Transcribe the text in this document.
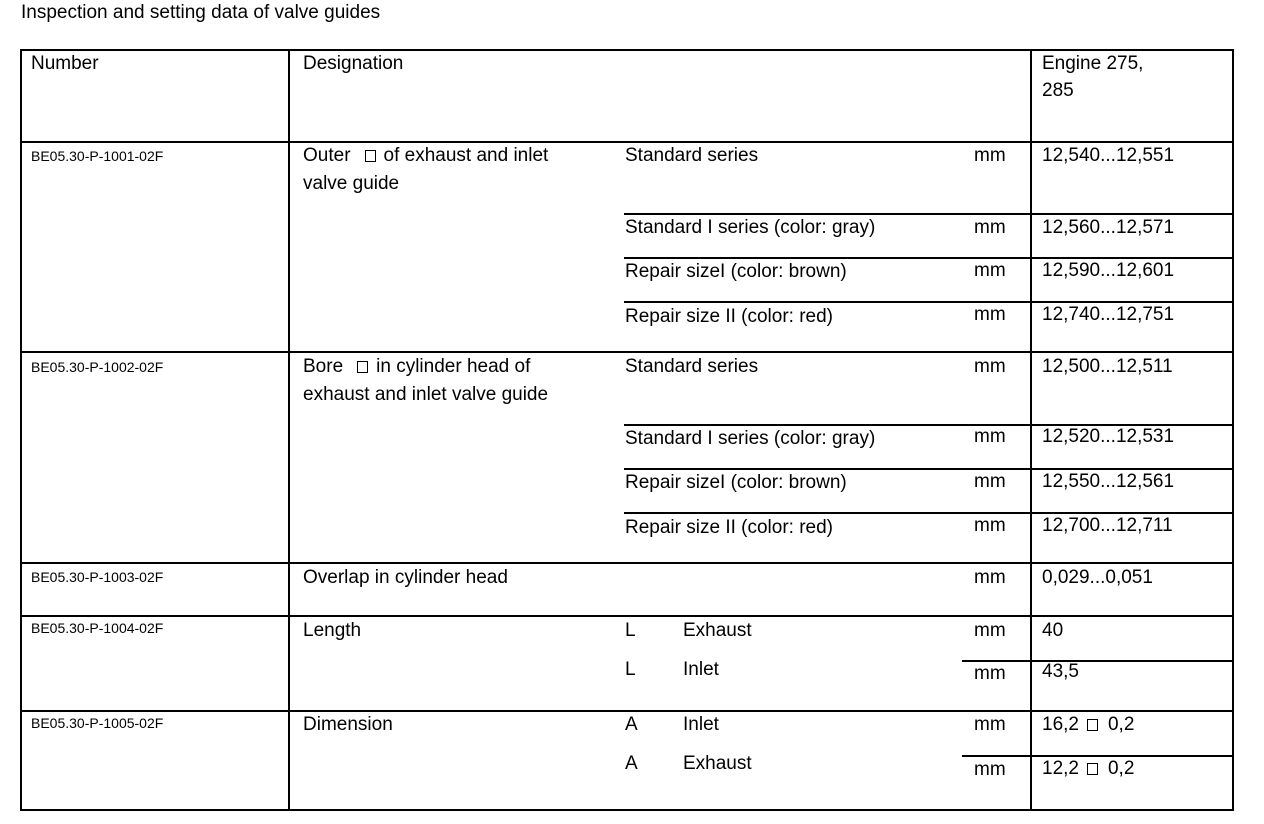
Inspection and setting data of valve guides
Number	Designation	Engine 275,
285
BE05.30-P-1001-02F	Outer of exhaust and inlet
valve guide
Standard series	mm 12,540...12,551
Standard I series (color: gray)	mm 12,560...12,571
Repair sizeI (color: brown)	mm 12,590...12,601
Repair size II (color: red)	mm 12,740...12,751
BE05.30-P-1002-02F	Bore in cylinder head of
exhaust and inlet valve guide
Standard series	mm 12,500...12,511
Standard I series (color: gray)	mm 12,520...12,531
Repair sizeI (color: brown)	mm 12,550...12,561
Repair size II (color: red)	mm 12,700...12,711
BE05.30-P-1003-02F	Overlap in cylinder head	mm 0,029...0,051
BE05.30-P-1004-02F	Length	L Exhaust	mm 40
L Inlet	mm 43,5
BE05.30-P-1005-02F	Dimension	A Inlet	mm 16,2 0,2
A Exhaust	mm 12,2 0,2
